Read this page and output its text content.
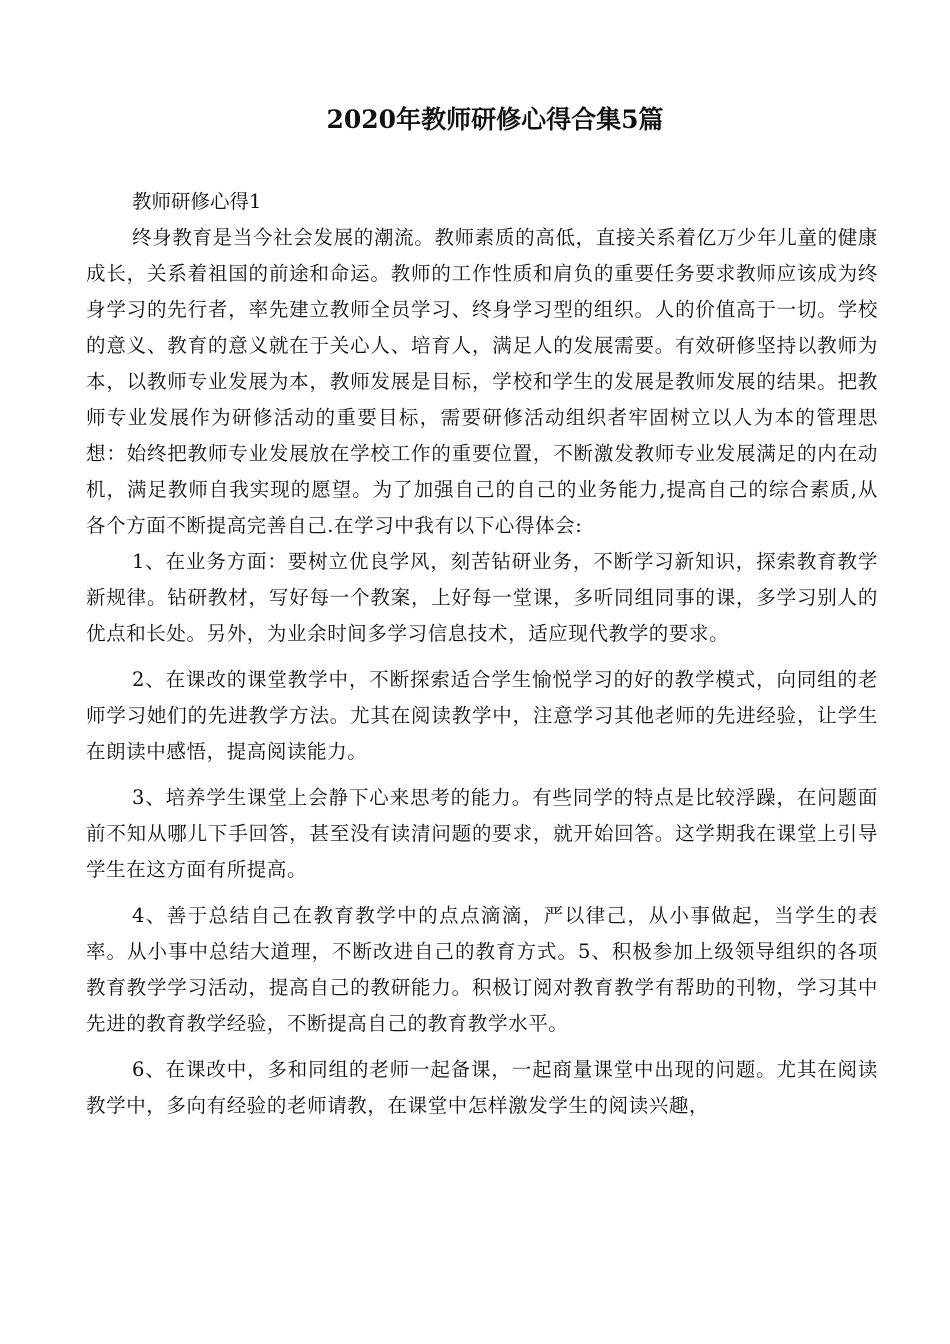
2020年教师研修心得合集5篇

教师研修心得1

终身教育是当今社会发展的潮流。教师素质的高低，直接关系着亿万少年儿童的健康成长，关系着祖国的前途和命运。教师的工作性质和肩负的重要任务要求教师应该成为终身学习的先行者，率先建立教师全员学习、终身学习型的组织。人的价值高于一切。学校的意义、教育的意义就在于关心人、培育人，满足人的发展需要。有效研修坚持以教师为本，以教师专业发展为本，教师发展是目标，学校和学生的发展是教师发展的结果。把教师专业发展作为研修活动的重要目标，需要研修活动组织者牢固树立以人为本的管理思想：始终把教师专业发展放在学校工作的重要位置，不断激发教师专业发展满足的内在动机，满足教师自我实现的愿望。为了加强自己的自己的业务能力,提高自己的综合素质,从各个方面不断提高完善自己.在学习中我有以下心得体会:

1、在业务方面：要树立优良学风，刻苦钻研业务，不断学习新知识，探索教育教学新规律。钻研教材，写好每一个教案，上好每一堂课，多听同组同事的课，多学习别人的优点和长处。另外，为业余时间多学习信息技术，适应现代教学的要求。

2、在课改的课堂教学中，不断探索适合学生愉悦学习的好的教学模式，向同组的老师学习她们的先进教学方法。尤其在阅读教学中，注意学习其他老师的先进经验，让学生在朗读中感悟，提高阅读能力。

3、培养学生课堂上会静下心来思考的能力。有些同学的特点是比较浮躁，在问题面前不知从哪儿下手回答，甚至没有读清问题的要求，就开始回答。这学期我在课堂上引导学生在这方面有所提高。

4、善于总结自己在教育教学中的点点滴滴，严以律己，从小事做起，当学生的表率。从小事中总结大道理，不断改进自己的教育方式。5、积极参加上级领导组织的各项教育教学学习活动，提高自己的教研能力。积极订阅对教育教学有帮助的刊物，学习其中先进的教育教学经验，不断提高自己的教育教学水平。

6、在课改中，多和同组的老师一起备课，一起商量课堂中出现的问题。尤其在阅读教学中，多向有经验的老师请教，在课堂中怎样激发学生的阅读兴趣，
